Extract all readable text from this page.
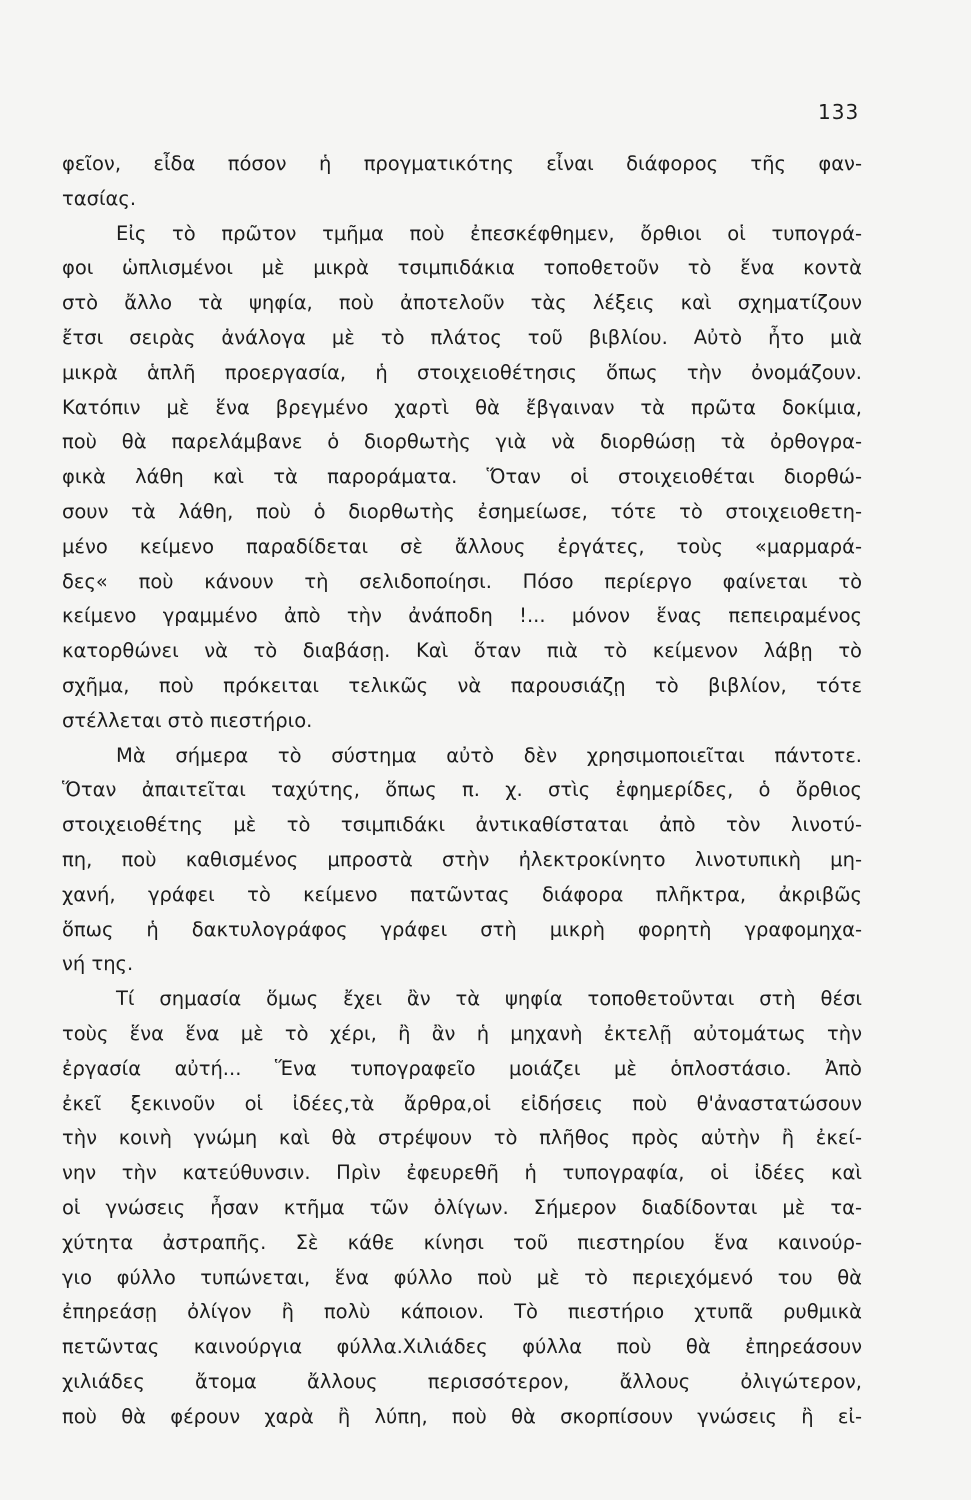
133
φεῖον, εἶδα πόσον ἡ προγματικότης εἶναι διάφορος τῆς φαν-
τασίας.
Εἰς τὸ πρῶτον τμῆμα ποὺ ἐπεσκέφθημεν, ὄρθιοι οἱ τυπογρά-
φοι ὡπλισμένοι μὲ μικρὰ τσιμπιδάκια τοποθετοῦν τὸ ἕνα κοντὰ
στὸ ἄλλο τὰ ψηφία, ποὺ ἀποτελοῦν τὰς λέξεις καὶ σχηματίζουν
ἔτσι σειρὰς ἀνάλογα μὲ τὸ πλάτος τοῦ βιβλίου. Αὐτὸ ἦτο μιὰ
μικρὰ ἁπλῆ προεργασία, ἡ στοιχειοθέτησις ὅπως τὴν ὀνομάζουν.
Κατόπιν μὲ ἕνα βρεγμένο χαρτὶ θὰ ἔβγαιναν τὰ πρῶτα δοκίμια,
ποὺ θὰ παρελάμβανε ὁ διορθωτὴς γιὰ νὰ διορθώσῃ τὰ ὀρθογρα-
φικὰ λάθη καὶ τὰ παροράματα. Ὅταν οἱ στοιχειοθέται διορθώ-
σουν τὰ λάθη, ποὺ ὁ διορθωτὴς ἐσημείωσε, τότε τὸ στοιχειοθετη-
μένο κείμενο παραδίδεται σὲ ἄλλους ἐργάτες, τοὺς «μαρμαρά-
δες« ποὺ κάνουν τὴ σελιδοποίησι. Πόσο περίεργο φαίνεται τὸ
κείμενο γραμμένο ἀπὸ τὴν ἀνάποδη !... μόνον ἕνας πεπειραμένος
κατορθώνει νὰ τὸ διαβάσῃ. Καὶ ὅταν πιὰ τὸ κείμενον λάβῃ τὸ
σχῆμα, ποὺ πρόκειται τελικῶς νὰ παρουσιάζῃ τὸ βιβλίον, τότε
στέλλεται στὸ πιεστήριο.
Μὰ σήμερα τὸ σύστημα αὐτὸ δὲν χρησιμοποιεῖται πάντοτε.
Ὅταν ἀπαιτεῖται ταχύτης, ὅπως π. χ. στὶς ἐφημερίδες, ὁ ὄρθιος
στοιχειοθέτης μὲ τὸ τσιμπιδάκι ἀντικαθίσταται ἀπὸ τὸν λινοτύ-
πη, ποὺ καθισμένος μπροστὰ στὴν ἠλεκτροκίνητο λινοτυπικὴ μη-
χανή, γράφει τὸ κείμενο πατῶντας διάφορα πλῆκτρα, ἀκριβῶς
ὅπως ἡ δακτυλογράφος γράφει στὴ μικρὴ φορητὴ γραφομηχα-
νή της.
Τί σημασία ὅμως ἔχει ἂν τὰ ψηφία τοποθετοῦνται στὴ θέσι
τοὺς ἕνα ἕνα μὲ τὸ χέρι, ἢ ἂν ἡ μηχανὴ ἐκτελῇ αὐτομάτως τὴν
ἐργασία αὐτή... Ἕνα τυπογραφεῖο μοιάζει μὲ ὁπλοστάσιο. Ἀπὸ
ἐκεῖ ξεκινοῦν οἱ ἰδέες,τὰ ἄρθρα,οἱ εἰδήσεις ποὺ θ'ἀναστατώσουν
τὴν κοινὴ γνώμη καὶ θὰ στρέψουν τὸ πλῆθος πρὸς αὐτὴν ἢ ἐκεί-
νην τὴν κατεύθυνσιν. Πρὶν ἐφευρεθῆ ἡ τυπογραφία, οἱ ἰδέες καὶ
οἱ γνώσεις ἦσαν κτῆμα τῶν ὀλίγων. Σήμερον διαδίδονται μὲ τα-
χύτητα ἀστραπῆς. Σὲ κάθε κίνησι τοῦ πιεστηρίου ἕνα καινούρ-
γιο φύλλο τυπώνεται, ἕνα φύλλο ποὺ μὲ τὸ περιεχόμενό του θὰ
ἐπηρεάσῃ ὀλίγον ἢ πολὺ κάποιον. Τὸ πιεστήριο χτυπᾶ ρυθμικὰ
πετῶντας καινούργια φύλλα.Χιλιάδες φύλλα ποὺ θὰ ἐπηρεάσουν
χιλιάδες ἄτομα ἄλλους περισσότερον, ἄλλους ὀλιγώτερον,
ποὺ θὰ φέρουν χαρὰ ἢ λύπη, ποὺ θὰ σκορπίσουν γνώσεις ἢ εἰ-
